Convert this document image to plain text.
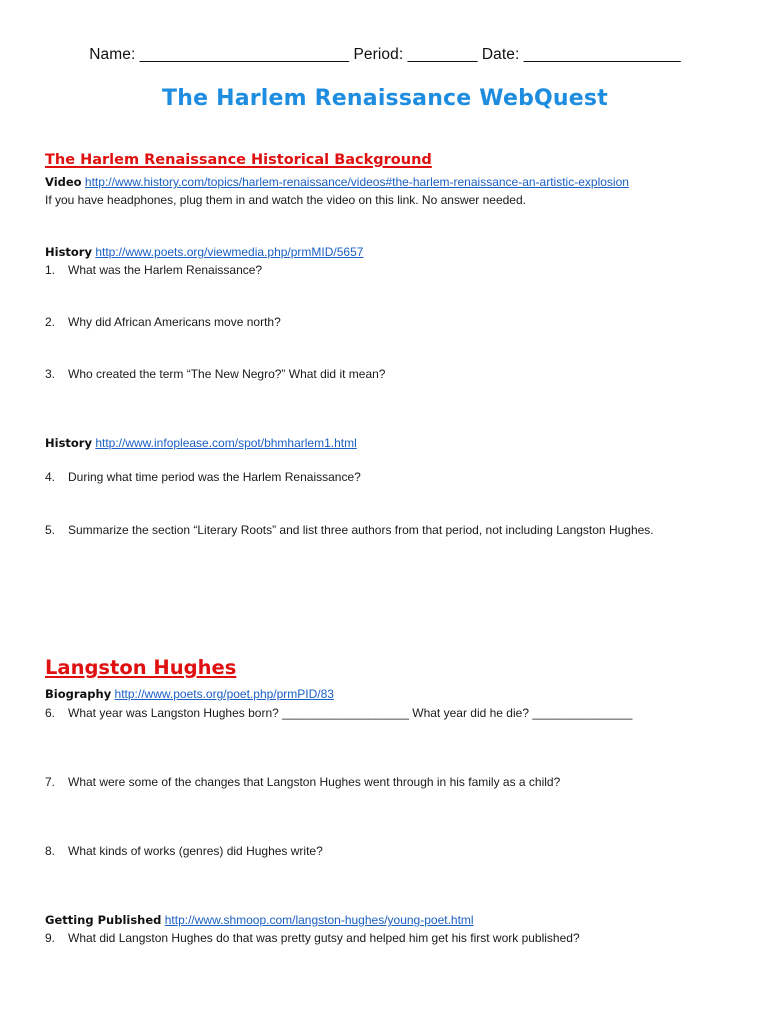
Name: ________________________ Period: ________ Date: __________________
The Harlem Renaissance WebQuest
The Harlem Renaissance Historical Background
Video http://www.history.com/topics/harlem-renaissance/videos#the-harlem-renaissance-an-artistic-explosion
If you have headphones, plug them in and watch the video on this link. No answer needed.
History http://www.poets.org/viewmedia.php/prmMID/5657
1. What was the Harlem Renaissance?
2. Why did African Americans move north?
3. Who created the term “The New Negro?” What did it mean?
History http://www.infoplease.com/spot/bhmharlem1.html
4. During what time period was the Harlem Renaissance?
5. Summarize the section “Literary Roots” and list three authors from that period, not including Langston Hughes.
Langston Hughes
Biography http://www.poets.org/poet.php/prmPID/83
6. What year was Langston Hughes born? ___________________ What year did he die? _______________
7. What were some of the changes that Langston Hughes went through in his family as a child?
8. What kinds of works (genres) did Hughes write?
Getting Published http://www.shmoop.com/langston-hughes/young-poet.html
9. What did Langston Hughes do that was pretty gutsy and helped him get his first work published?
